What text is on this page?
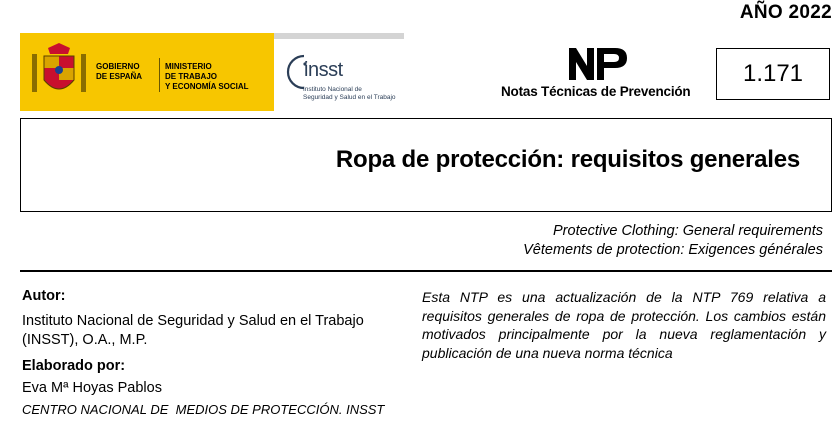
AÑO 2022
GOBIERNO
DE ESPAÑA
MINISTERIO
DE TRABAJO
Y ECONOMÍA SOCIAL
insst
Instituto Nacional de
Seguridad y Salud en el Trabajo	Notas Técnicas de Prevención
1.171
Ropa de protección: requisitos generales
Protective Clothing: General requirements
Vêtements de protection: Exigences générales
Autor:
Instituto Nacional de Seguridad y Salud en el Trabajo
(INSST), O.A., M.P.
Elaborado por:
Eva Mª Hoyas Pablos
CENTRO NACIONAL DE  MEDIOS DE PROTECCIÓN. INSST
Esta NTP es una actualización de la NTP 769 relativa a requisitos generales de ropa de protección. Los cambios están motivados principalmente por la nueva reglamentación y publicación de una nueva norma técnica
